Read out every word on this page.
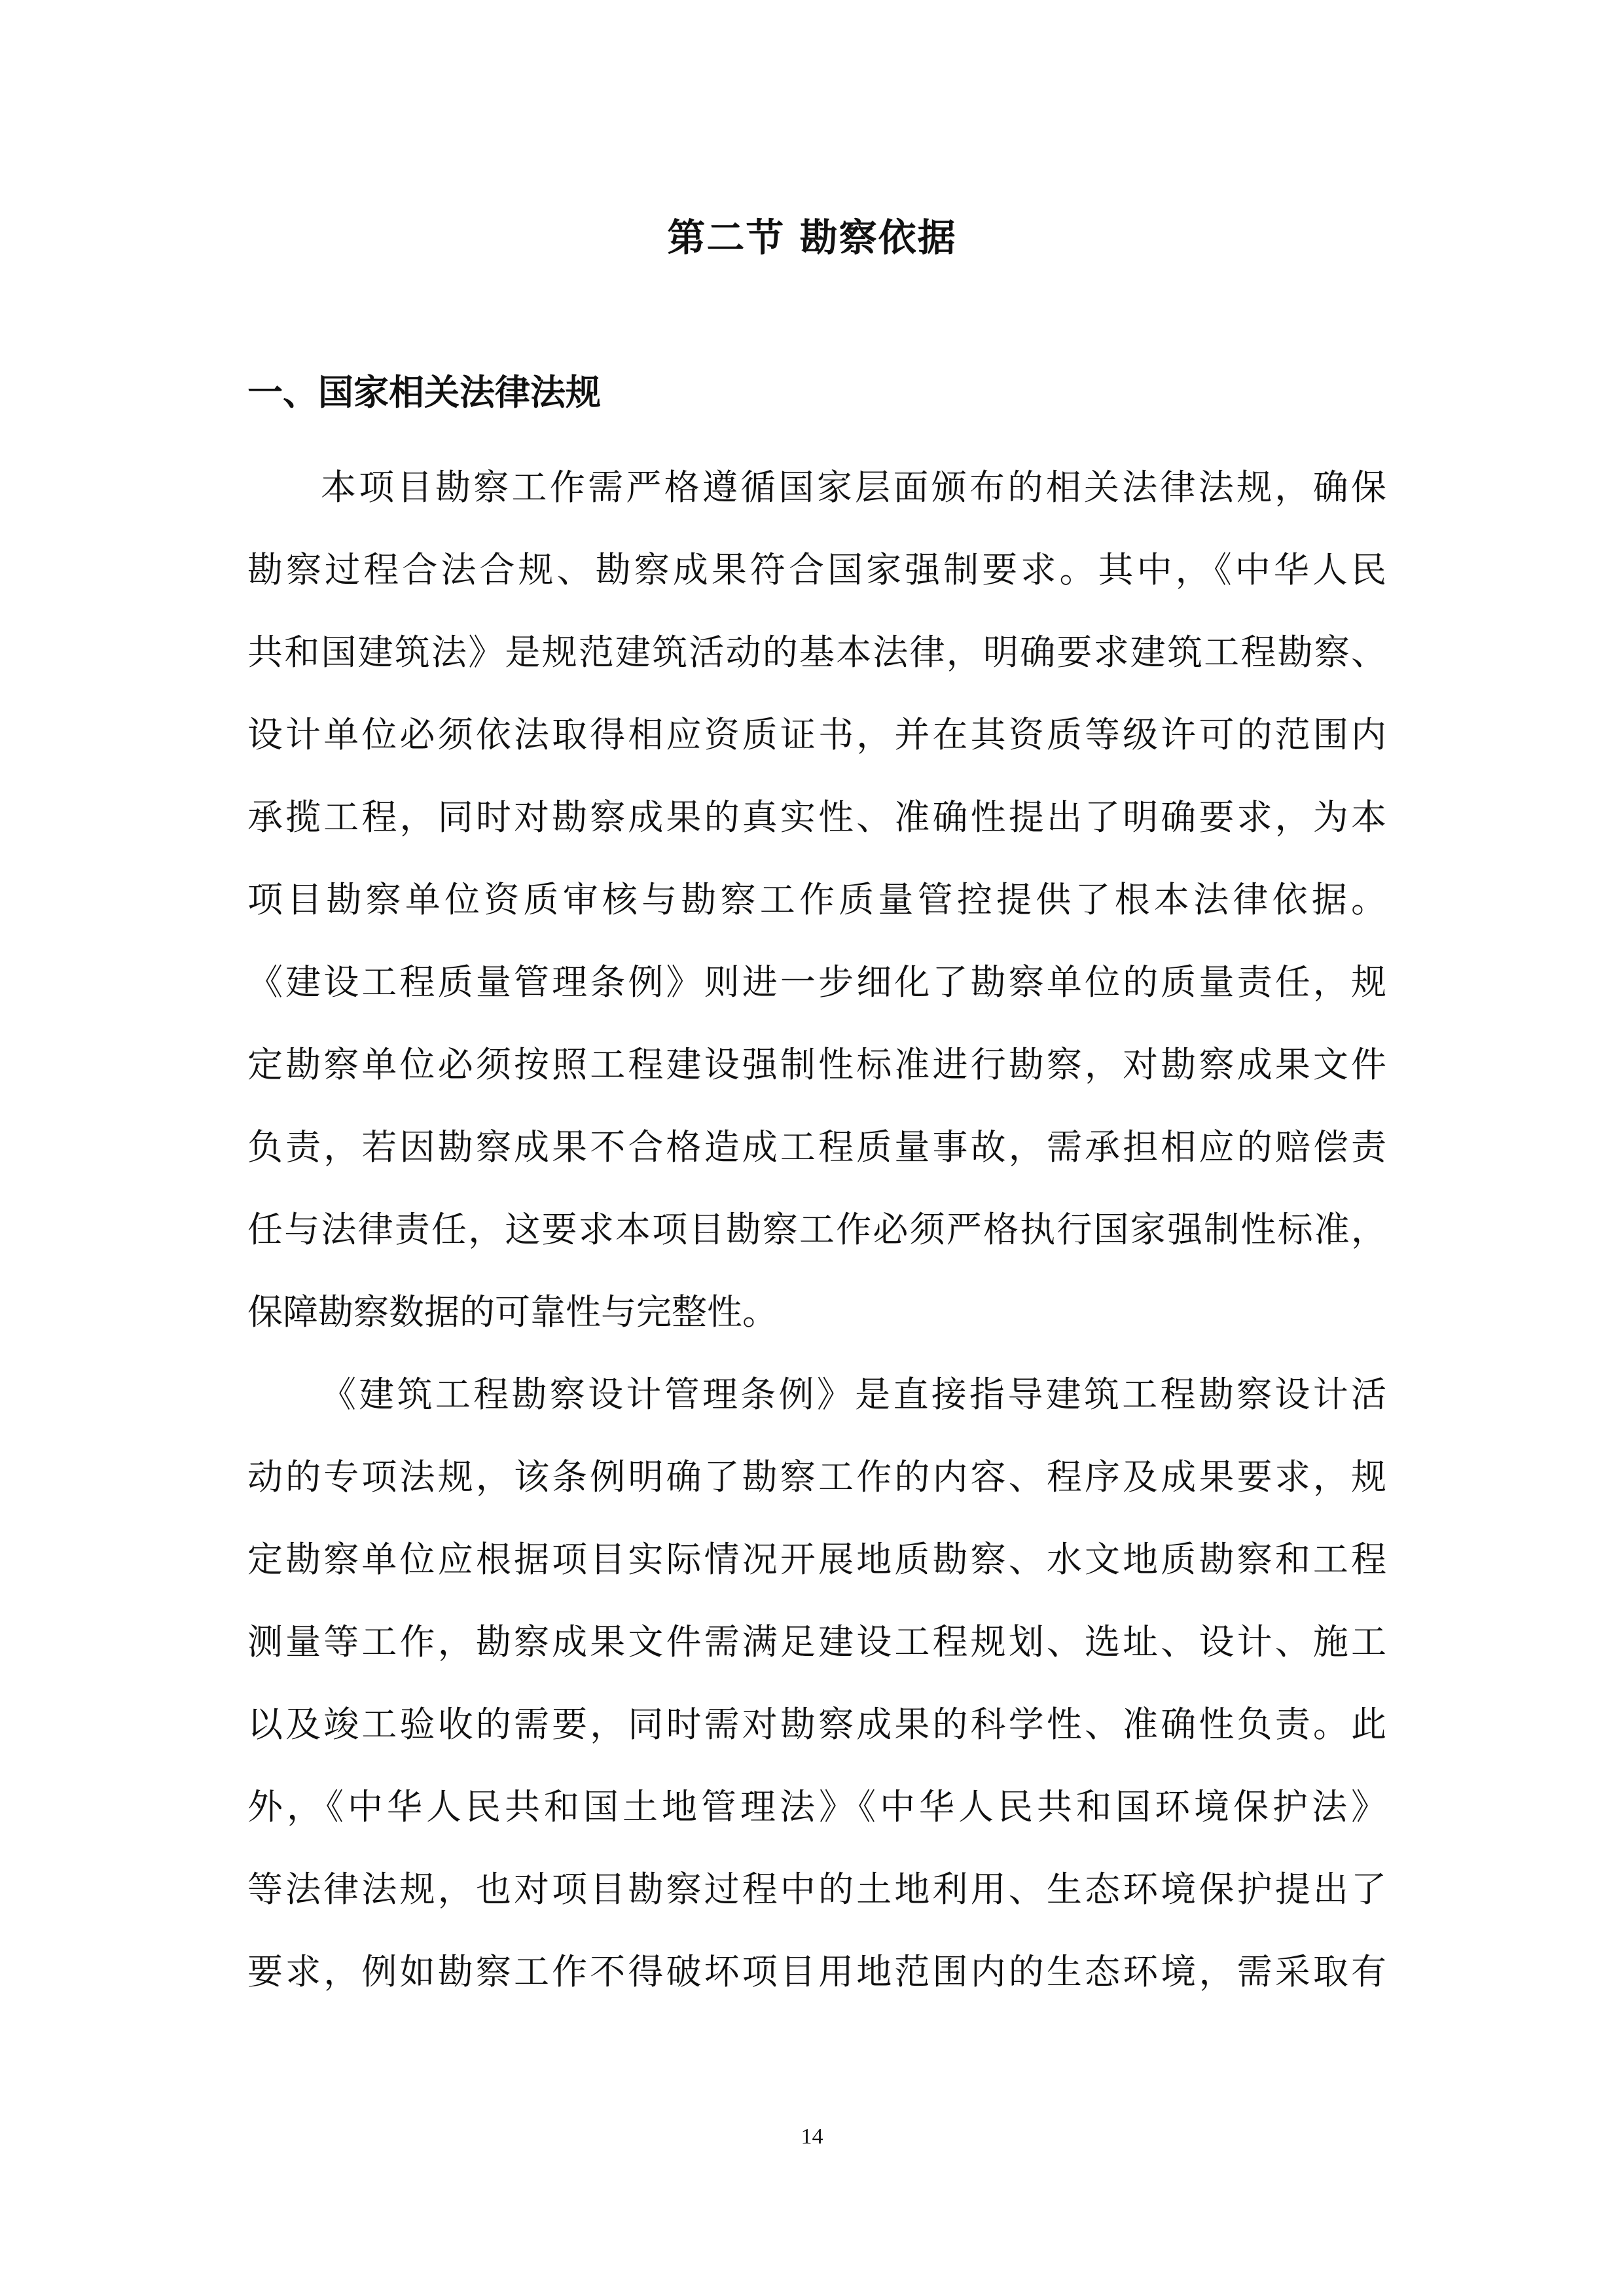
第二节 勘察依据
一、国家相关法律法规
本项目勘察工作需严格遵循国家层面颁布的相关法律法规，确保
勘察过程合法合规、勘察成果符合国家强制要求。其中，《中华人民
共和国建筑法》是规范建筑活动的基本法律，明确要求建筑工程勘察、
设计单位必须依法取得相应资质证书，并在其资质等级许可的范围内
承揽工程，同时对勘察成果的真实性、准确性提出了明确要求，为本
项目勘察单位资质审核与勘察工作质量管控提供了根本法律依据。
《建设工程质量管理条例》则进一步细化了勘察单位的质量责任，规
定勘察单位必须按照工程建设强制性标准进行勘察，对勘察成果文件
负责，若因勘察成果不合格造成工程质量事故，需承担相应的赔偿责
任与法律责任，这要求本项目勘察工作必须严格执行国家强制性标准，
保障勘察数据的可靠性与完整性。
《建筑工程勘察设计管理条例》是直接指导建筑工程勘察设计活
动的专项法规，该条例明确了勘察工作的内容、程序及成果要求，规
定勘察单位应根据项目实际情况开展地质勘察、水文地质勘察和工程
测量等工作，勘察成果文件需满足建设工程规划、选址、设计、施工
以及竣工验收的需要，同时需对勘察成果的科学性、准确性负责。此
外，《中华人民共和国土地管理法》《中华人民共和国环境保护法》
等法律法规，也对项目勘察过程中的土地利用、生态环境保护提出了
要求，例如勘察工作不得破坏项目用地范围内的生态环境，需采取有
14
